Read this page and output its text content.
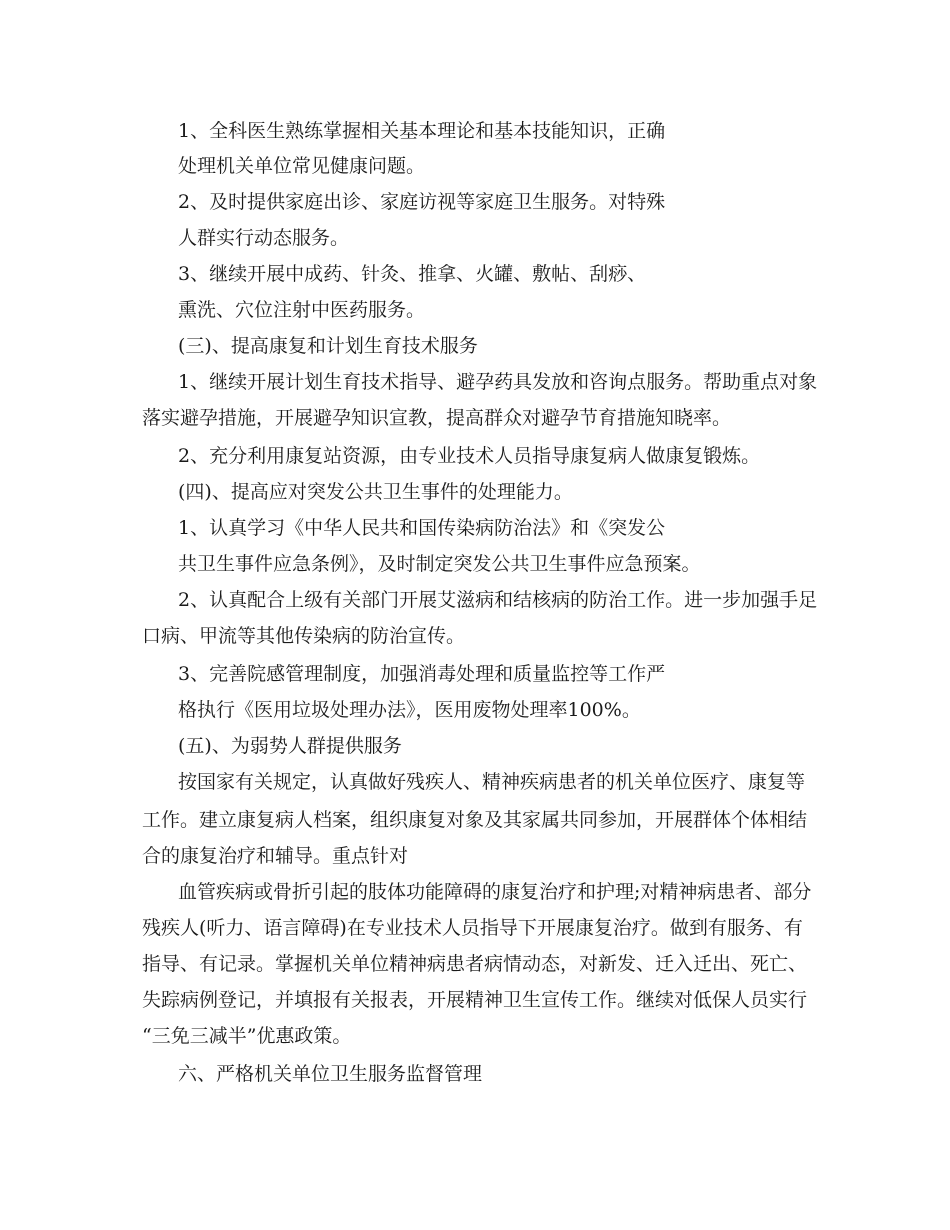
1、全科医生熟练掌握相关基本理论和基本技能知识，正确
处理机关单位常见健康问题。
2、及时提供家庭出诊、家庭访视等家庭卫生服务。对特殊
人群实行动态服务。
3、继续开展中成药、针灸、推拿、火罐、敷帖、刮痧、
熏洗、穴位注射中医药服务。
(三)、提高康复和计划生育技术服务
1、继续开展计划生育技术指导、避孕药具发放和咨询点服务。帮助重点对象
落实避孕措施，开展避孕知识宣教，提高群众对避孕节育措施知晓率。
2、充分利用康复站资源，由专业技术人员指导康复病人做康复锻炼。
(四)、提高应对突发公共卫生事件的处理能力。
1、认真学习《中华人民共和国传染病防治法》和《突发公
共卫生事件应急条例》，及时制定突发公共卫生事件应急预案。
2、认真配合上级有关部门开展艾滋病和结核病的防治工作。进一步加强手足
口病、甲流等其他传染病的防治宣传。
3、完善院感管理制度，加强消毒处理和质量监控等工作严
格执行《医用垃圾处理办法》，医用废物处理率100%。
(五)、为弱势人群提供服务
按国家有关规定，认真做好残疾人、精神疾病患者的机关单位医疗、康复等
工作。建立康复病人档案，组织康复对象及其家属共同参加，开展群体个体相结
合的康复治疗和辅导。重点针对
血管疾病或骨折引起的肢体功能障碍的康复治疗和护理;对精神病患者、部分
残疾人(听力、语言障碍)在专业技术人员指导下开展康复治疗。做到有服务、有
指导、有记录。掌握机关单位精神病患者病情动态，对新发、迁入迁出、死亡、
失踪病例登记，并填报有关报表，开展精神卫生宣传工作。继续对低保人员实行
“三免三减半”优惠政策。
六、严格机关单位卫生服务监督管理
